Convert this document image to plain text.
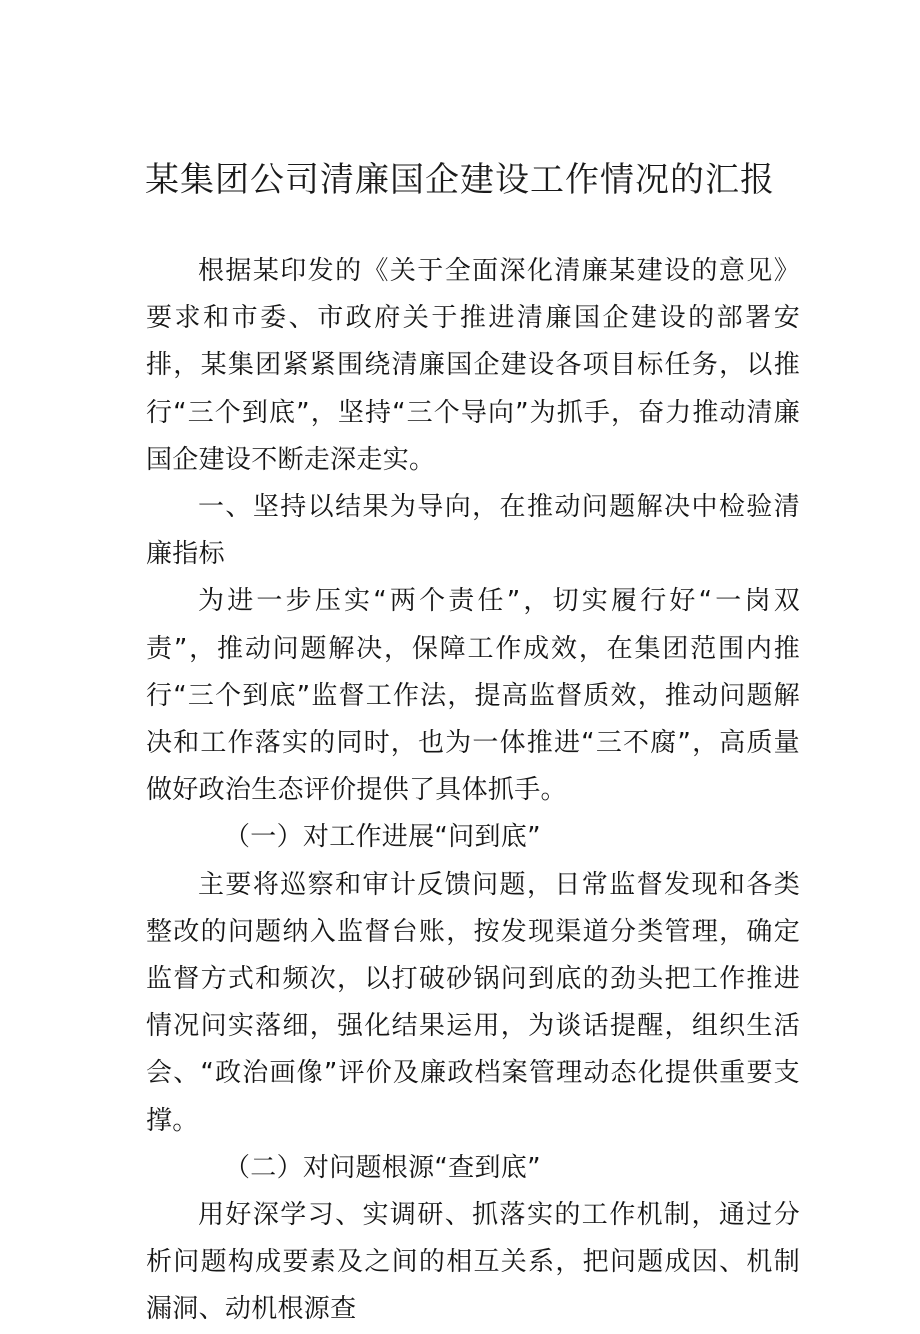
某集团公司清廉国企建设工作情况的汇报

根据某印发的《关于全面深化清廉某建设的意见》要求和市委、市政府关于推进清廉国企建设的部署安排，某集团紧紧围绕清廉国企建设各项目标任务，以推行“三个到底”，坚持“三个导向”为抓手，奋力推动清廉国企建设不断走深走实。

一、坚持以结果为导向，在推动问题解决中检验清廉指标

为进一步压实“两个责任”，切实履行好“一岗双责”，推动问题解决，保障工作成效，在集团范围内推行“三个到底”监督工作法，提高监督质效，推动问题解决和工作落实的同时，也为一体推进“三不腐”，高质量做好政治生态评价提供了具体抓手。

（一）对工作进展“问到底”

主要将巡察和审计反馈问题，日常监督发现和各类整改的问题纳入监督台账，按发现渠道分类管理，确定监督方式和频次，以打破砂锅问到底的劲头把工作推进情况问实落细，强化结果运用，为谈话提醒，组织生活会、“政治画像”评价及廉政档案管理动态化提供重要支撑。

（二）对问题根源“查到底”

用好深学习、实调研、抓落实的工作机制，通过分析问题构成要素及之间的相互关系，把问题成因、机制漏洞、动机根源查
